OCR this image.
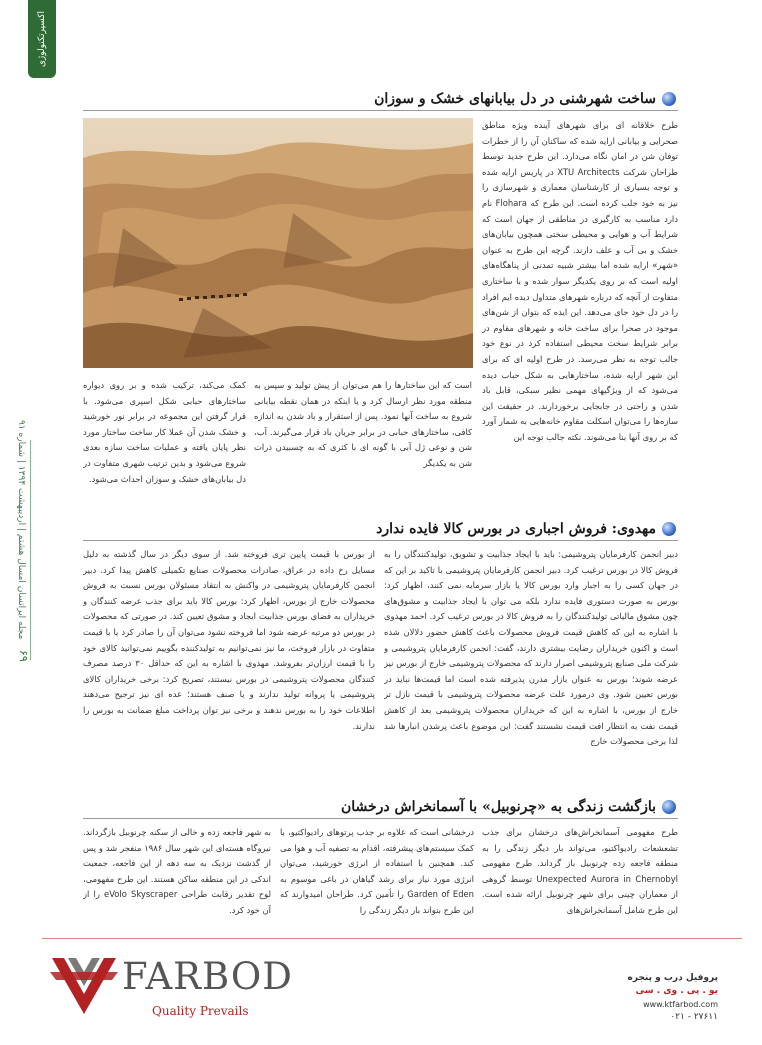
اکسپرتکنولوژی
مجله ایراتسان امسال هشتم | اردیبهشت ۱۳۹۴ | شماره ۹۱
۶۹
ساخت شهرشنی در دل بیابانهای خشک و سوزان
طرح خلاقانه ای برای شهرهای آینده ویژه مناطق صحرایی و بیابانی ارایه شده که ساکنان آن را از خطرات توفان شن در امان نگاه می‌دارد. این طرح جدید توسط طراحان شرکت XTU Architects در پاریس ارایه شده و توجه بسیاری از کارشناسان معماری و شهرسازی را نیز به خود جلب کرده است. این طرح که Flohara نام دارد مناسب به کارگیری در مناطقی از جهان است که شرایط آب و هوایی و محیطی سختی همچون بیابان‌های خشک و بی آب و علف دارند. گرچه این طرح به عنوان «شهر» ارایه شده اما بیشتر شبیه تمدنی از پناهگاه‌های اولیه است که بر روی یکدیگر سوار شده و با ساختاری متفاوت از آنچه که درباره شهرهای متداول دیده ایم افراد را در دل خود جای می‌دهد. این ایده که بتوان از شن‌های موجود در صحرا برای ساخت خانه و شهرهای مقاوم در برابر شرایط سخت محیطی استفاده کرد در نوع خود جالب توجه به نظر می‌رسد. در طرح اولیه ای که برای این شهر ارایه شده، ساختارهایی به شکل حباب دیده می‌شود که از ویژگیهای مهمی نظیر سبکی، قابل باد شدن و راحتی در جابجایی برخوردارند. در حقیقت این سازه‌ها را می‌توان اسکلت مقاوم خانه‌هایی به شمار آورد که بر روی آنها بنا می‌شوند. نکته جالب توجه این
است که این ساختارها را هم می‌توان از پیش تولید و سپس به منطقه مورد نظر ارسال کرد و یا اینکه در همان نقطه بیابانی شروع به ساخت آنها نمود. پس از استقرار و باد شدن به اندازه کافی، ساختارهای حبابی در برابر جریان باد قرار می‌گیرند. آب، شن و نوعی ژل آبی با گونه ای با کثری که به چسبیدن ذرات شن به یکدیگر
کمک می‌کند، ترکیب شده و بر روی دیواره ساختارهای حبابی شکل اسپری می‌شود. با قرار گرفتن این مجموعه در برابر نور خورشید و خشک شدن آن عملا کار ساخت ساختار مورد نظر پایان یافته و عملیات ساخت سازه بعدی شروع می‌شود و بدین ترتیب شهری متفاوت در دل بیابان‌های خشک و سوزان احداث می‌شود.
مهدوی: فروش اجباری در بورس کالا فایده ندارد
دبیر انجمن کارفرمایان پتروشیمی: باید با ایجاد جذابیت و تشویق، تولیدکنندگان را به فروش کالا در بورس ترغیب کرد. دبیر انجمن کارفرمایان پتروشیمی با تاکید بر این که در جهان کسی را به اجبار وارد بورس کالا یا بازار سرمایه نمی کنند، اظهار کرد: بورس به صورت دستوری فایده ندارد بلکه می توان با ایجاد جذابیت و مشوق‌های چون مشوق مالیاتی تولیدکنندگان را به فروش کالا در بورس ترغیب کرد. احمد مهدوی با اشاره به این که کاهش قیمت فروش محصولات باعث کاهش حضور دلالان شده است و اکنون خریداران رضایت بیشتری دارند، گفت: انجمن کارفرمایان پتروشیمی و شرکت ملی صنایع پتروشیمی اصرار دارند که محصولات پتروشیمی خارج از بورس نیز عرضه شوند؛ بورس به عنوان بازار مدرن پذیرفته شده است اما قیمت‌ها نباید در بورس تعیین شود. وی درمورد علت عرضه محصولات پتروشیمی با قیمت نازل تر خارج از بورس، با اشاره به این که خریداران محصولات پتروشیمی بعد از کاهش قیمت نفت به انتظار افت قیمت نشستند گفت: این موضوع باعث پرشدن انبارها شد لذا برخی محصولات خارج
از بورس با قیمت پایین تری فروخته شد. از سوی دیگر در سال گذشته به دلیل مسایل رخ داده در عراق، صادرات محصولات صنایع تکمیلی کاهش پیدا کرد. دبیر انجمن کارفرمایان پتروشیمی در واکنش به انتقاد مسئولان بورس نسبت به فروش محصولات خارج از بورس، اظهار کرد: بورس کالا باید برای جذب عرضه کنندگان و خریداران به فضای بورس جذابیت ایجاد و مشوق تعیین کند. در صورتی که محصولات در بورس دو مرتبه عرضه شود اما فروخته نشود می‌توان آن را صادر کرد یا با قیمت متفاوت در بازار فروخت، ما نیز نمی‌توانیم به تولیدکننده بگوییم نمی‌توانید کالای خود را با قیمت ارزان‌تر بفروشد. مهدوی با اشاره به این که حداقل ۳۰ درصد مصرف کنندگان محصولات پتروشیمی در بورس نیستند، تصریح کرد: برخی خریداران کالای پتروشیمی یا پروانه تولید ندارند و یا صنف هستند؛ عده ای نیز ترجیح می‌دهند اطلاعات خود را به بورس ندهند و برخی نیز توان پرداخت مبلغ ضمانت به بورس را ندارند.
بازگشت زندگی به «چرنوبیل» با آسمانخراش درخشان
طرح مفهومی آسمانخراش‌های درخشان برای جذب تشعشعات رادیواکتیو، می‌تواند بار دیگر زندگی را به منطقه فاجعه زده چرنوبیل باز گرداند. طرح مفهومی Unexpected Aurora in Chernobyl توسط گروهی از معماران چینی برای شهر چرنوبیل ارائه شده است. این طرح شامل آسمانخراش‌های
درخشانی است که علاوه بر جذب پرتوهای رادیواکتیو، با کمک سیستم‌های پیشرفته، اقدام به تصفیه آب و هوا می کند. همچنین با استفاده از انرژی خورشید، می‌توان انرژی مورد نیاز برای رشد گیاهان در باغی موسوم به Garden of Eden را تأمین کرد. طراحان امیدوارند که این طرح بتواند بار دیگر زندگی را
به شهر فاجعه زده و خالی از سکنه چرنوبیل بازگرداند. نیروگاه هسته‌ای این شهر سال ۱۹۸۶ منفجر شد و پس از گذشت نزدیک به سه دهه از این فاجعه، جمعیت اندکی در این منطقه ساکن هستند. این طرح مفهومی، لوح تقدیر رقابت طراحی eVolo Skyscraper را از آن خود کرد.
FARBOD
Quality Prevails
پروفیل درب و پنجره
یو . پی . وی . سی
www.ktfarbod.com
۰۲۱ - ۲۷۶۱۱
